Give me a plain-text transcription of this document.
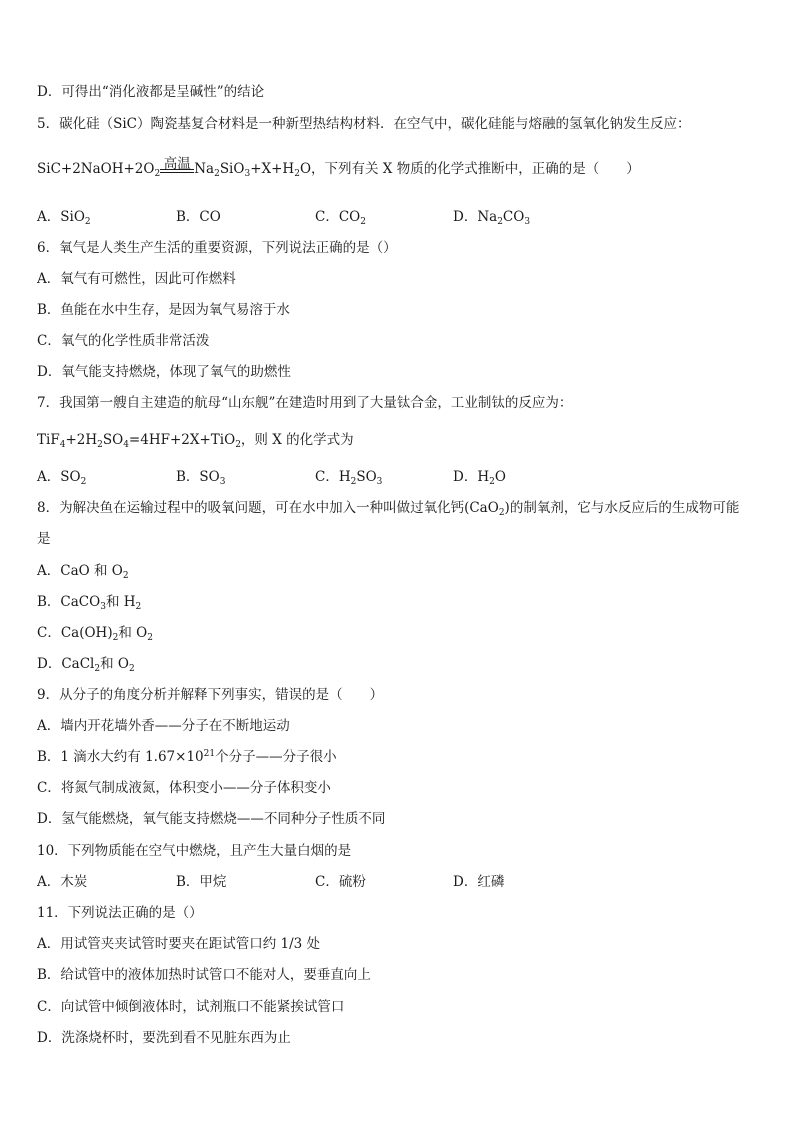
D．可得出“消化液都是呈碱性”的结论
5．碳化硅（SiC）陶瓷基复合材料是一种新型热结构材料．在空气中，碳化硅能与熔融的氢氧化钠发生反应：
$SiC+2NaOH+2O_2$
高温 $Na_2SiO_3+X+H_2O$，下列有关 X 物质的化学式推断中，正确的是（　　）
A．SiO$_2$	B．CO	C．$CO_2$	D．$Na_2CO_3$
6．氧气是人类生产生活的重要资源，下列说法正确的是（）
A．氧气有可燃性，因此可作燃料
B．鱼能在水中生存，是因为氧气易溶于水
C．氧气的化学性质非常活泼
D．氧气能支持燃烧，体现了氧气的助燃性
7．我国第一艘自主建造的航母“山东舰”在建造时用到了大量钛合金，工业制钛的反应为：
$TiF_4+2H_2SO_4=4HF+2X+TiO_2$，则 X 的化学式为
A．$SO_2$	B．$SO_3$	C．$H_2SO_3$	D．$H_2O$
8．为解决鱼在运输过程中的吸氧问题，可在水中加入一种叫做过氧化钙(CaO$_2$)的制氧剂，它与水反应后的生成物可能
是
A．CaO 和 $O_2$
B．CaCO$_3$和 $H_2$
C．$Ca(OH)_2$和 $O_2$
D．CaCl$_2$和 $O_2$
9．从分子的角度分析并解释下列事实，错误的是（　　）
A．墙内开花墙外香——分子在不断地运动
B．1 滴水大约有 $1.67\times 10^{21}$个分子——分子很小
C．将氮气制成液氮，体积变小——分子体积变小
D．氢气能燃烧，氧气能支持燃烧——不同种分子性质不同
10．下列物质能在空气中燃烧，且产生大量白烟的是
A．木炭	B．甲烷	C．硫粉	D．红磷
11．下列说法正确的是（）
A．用试管夹夹试管时要夹在距试管口约 1/3 处
B．给试管中的液体加热时试管口不能对人，要垂直向上
C．向试管中倾倒液体时，试剂瓶口不能紧挨试管口
D．洗涤烧杯时，要洗到看不见脏东西为止
